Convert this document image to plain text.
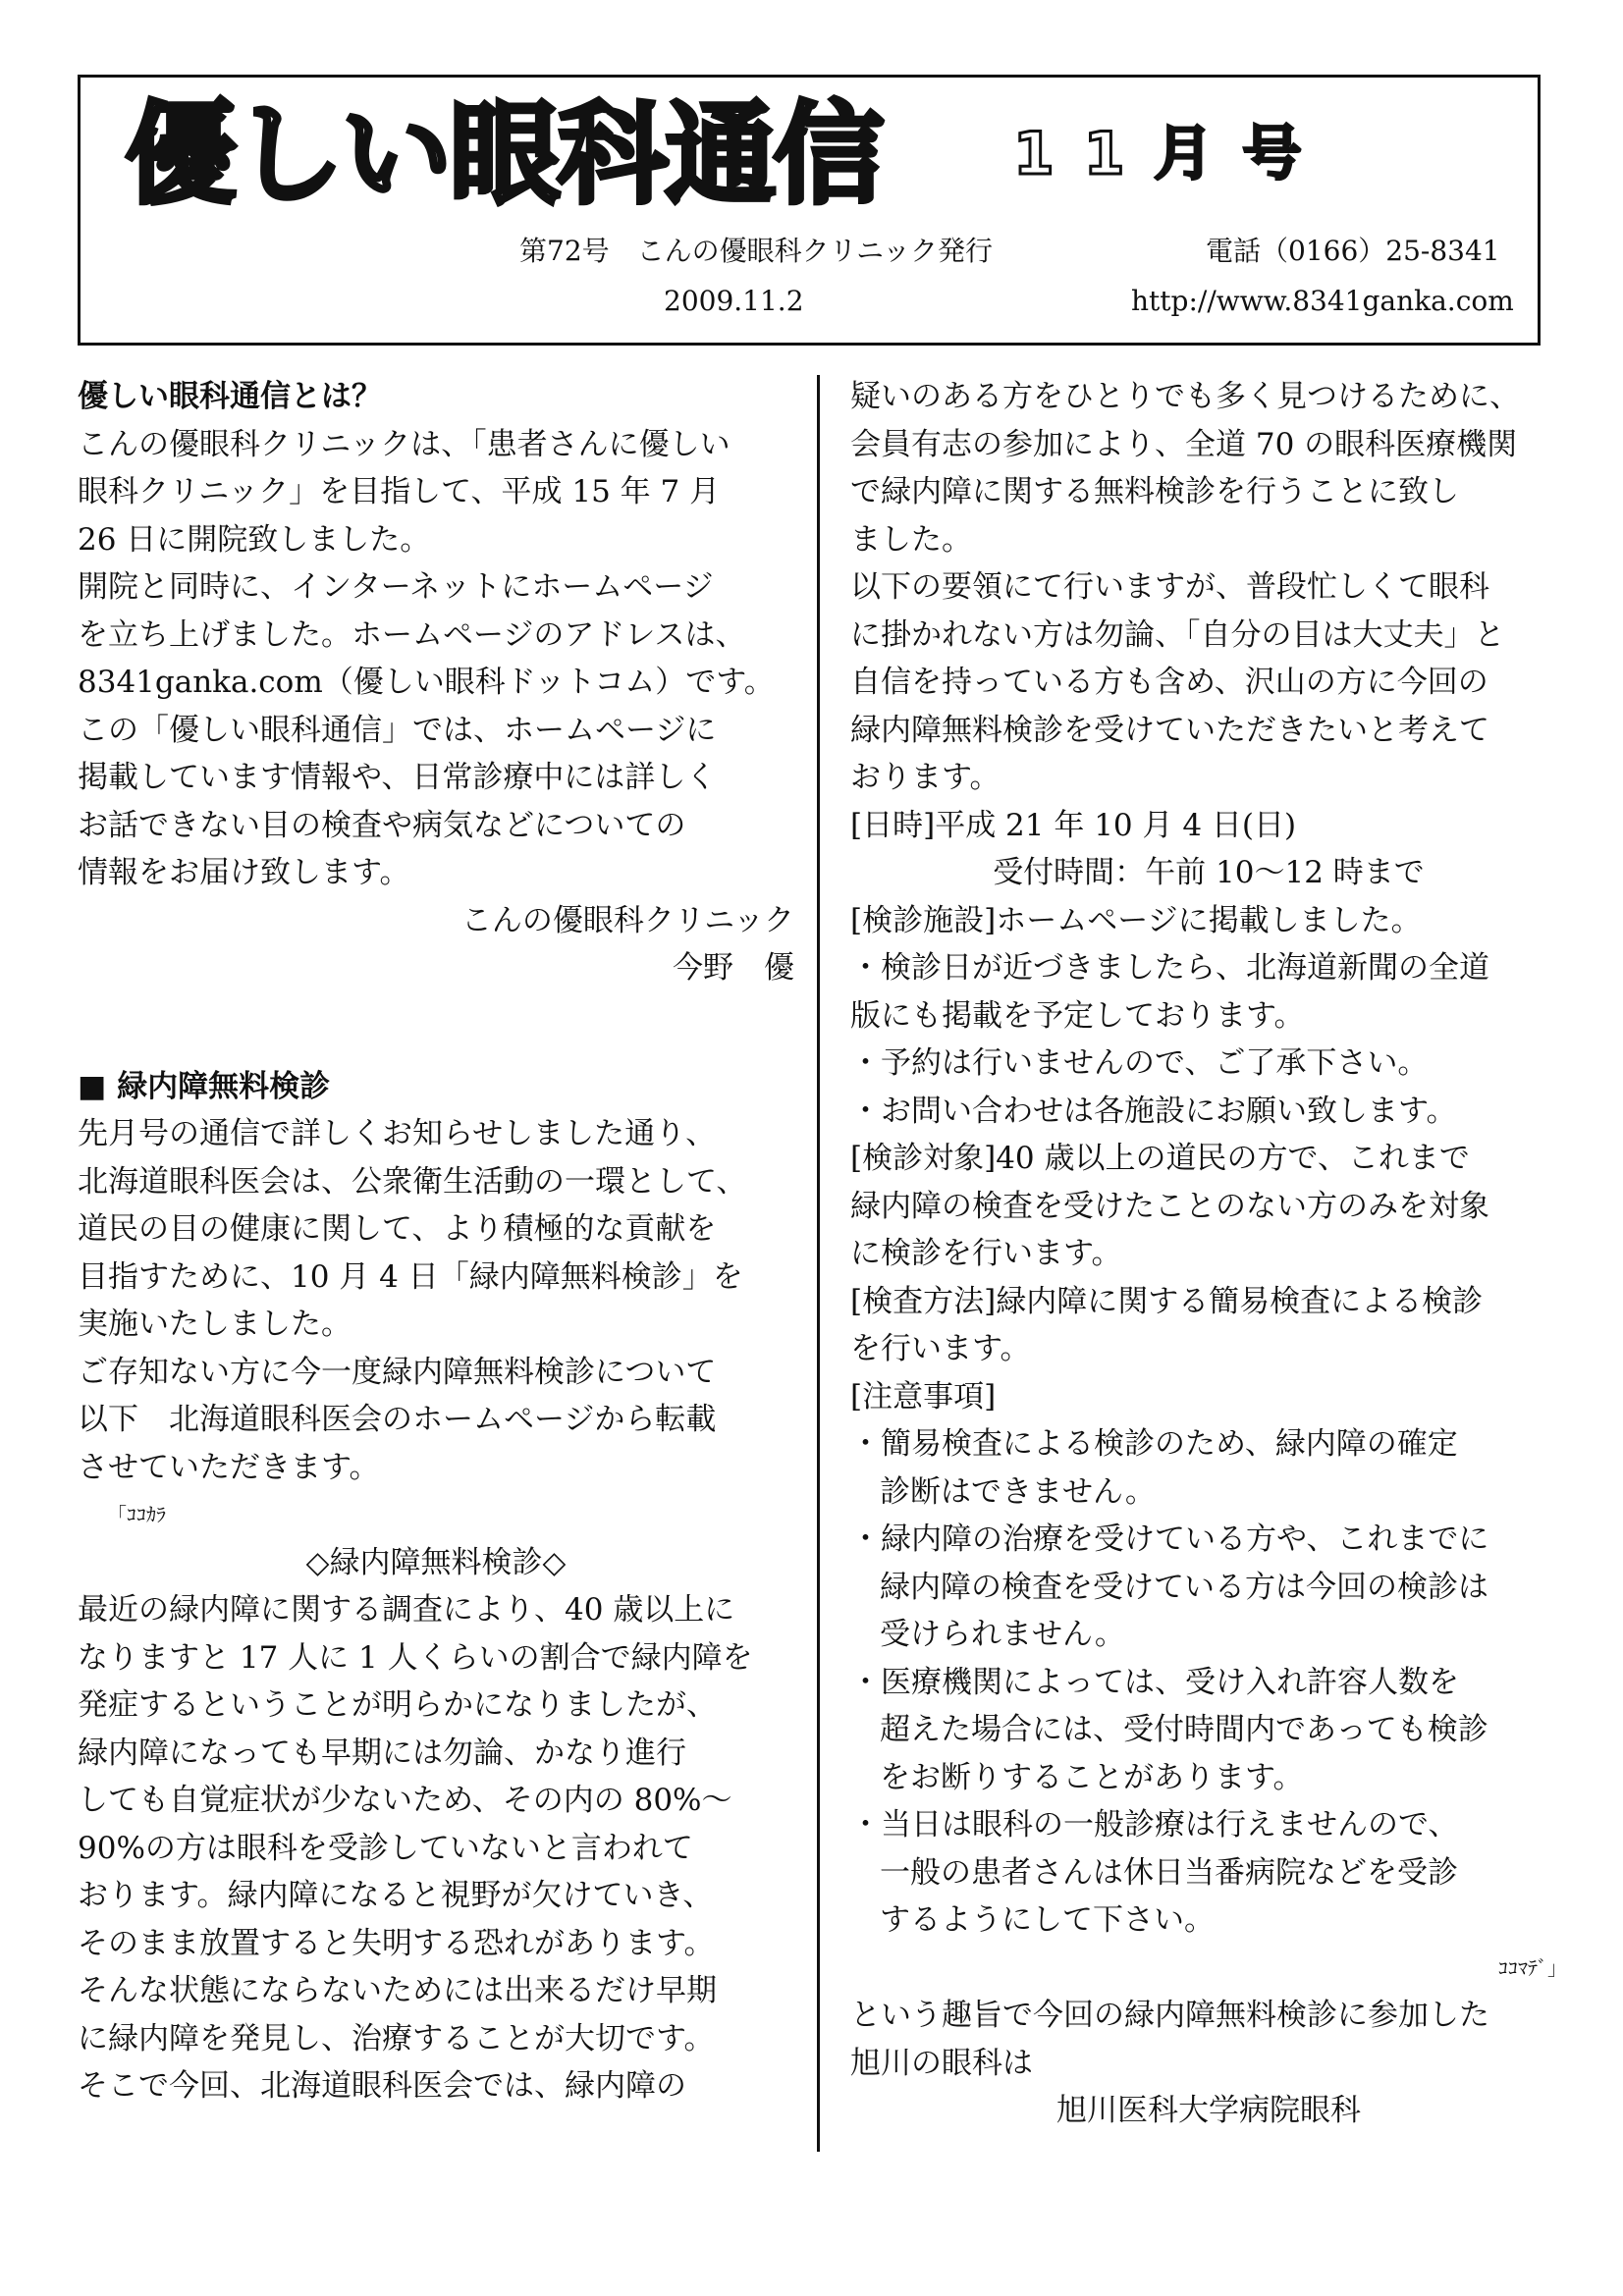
優しい眼科通信 11月号
第72号　こんの優眼科クリニック発行	電話（0166）25-8341
2009.11.2	http://www.8341ganka.com
優しい眼科通信とは？
こんの優眼科クリニックは、「患者さんに優しい
眼科クリニック」を目指して、平成 15 年 7 月
26 日に開院致しました。
開院と同時に、インターネットにホームページ
を立ち上げました。ホームページのアドレスは、
8341ganka.com（優しい眼科ドットコム）です。
この「優しい眼科通信」では、ホームページに
掲載しています情報や、日常診療中には詳しく
お話できない目の検査や病気などについての
情報をお届け致します。
こんの優眼科クリニック
今野　優
■ 緑内障無料検診
先月号の通信で詳しくお知らせしました通り、
北海道眼科医会は、公衆衛生活動の一環として、
道民の目の健康に関して、より積極的な貢献を
目指すために、10 月 4 日「緑内障無料検診」を
実施いたしました。
ご存知ない方に今一度緑内障無料検診について
以下　北海道眼科医会のホームページから転載
させていただきます。
「ｺｺｶﾗ
◇緑内障無料検診◇
最近の緑内障に関する調査により、40 歳以上に
なりますと 17 人に 1 人くらいの割合で緑内障を
発症するということが明らかになりましたが、
緑内障になっても早期には勿論、かなり進行
しても自覚症状が少ないため、その内の 80%～
90%の方は眼科を受診していないと言われて
おります。緑内障になると視野が欠けていき、
そのまま放置すると失明する恐れがあります。
そんな状態にならないためには出来るだけ早期
に緑内障を発見し、治療することが大切です。
そこで今回、北海道眼科医会では、緑内障の
疑いのある方をひとりでも多く見つけるために、
会員有志の参加により、全道 70 の眼科医療機関
で緑内障に関する無料検診を行うことに致し
ました。
以下の要領にて行いますが、普段忙しくて眼科
に掛かれない方は勿論、「自分の目は大丈夫」と
自信を持っている方も含め、沢山の方に今回の
緑内障無料検診を受けていただきたいと考えて
おります。
[日時]平成 21 年 10 月 4 日(日)
受付時間：午前 10～12 時まで
[検診施設]ホームページに掲載しました。
・検診日が近づきましたら、北海道新聞の全道
版にも掲載を予定しております。
・予約は行いませんので、ご了承下さい。
・お問い合わせは各施設にお願い致します。
[検診対象]40 歳以上の道民の方で、これまで
緑内障の検査を受けたことのない方のみを対象
に検診を行います。
[検査方法]緑内障に関する簡易検査による検診
を行います。
[注意事項]
・簡易検査による検診のため、緑内障の確定
診断はできません。
・緑内障の治療を受けている方や、これまでに
緑内障の検査を受けている方は今回の検診は
受けられません。
・医療機関によっては、受け入れ許容人数を
超えた場合には、受付時間内であっても検診
をお断りすることがあります。
・当日は眼科の一般診療は行えませんので、
一般の患者さんは休日当番病院などを受診
するようにして下さい。
ｺｺﾏﾃﾞ」
という趣旨で今回の緑内障無料検診に参加した
旭川の眼科は
旭川医科大学病院眼科
